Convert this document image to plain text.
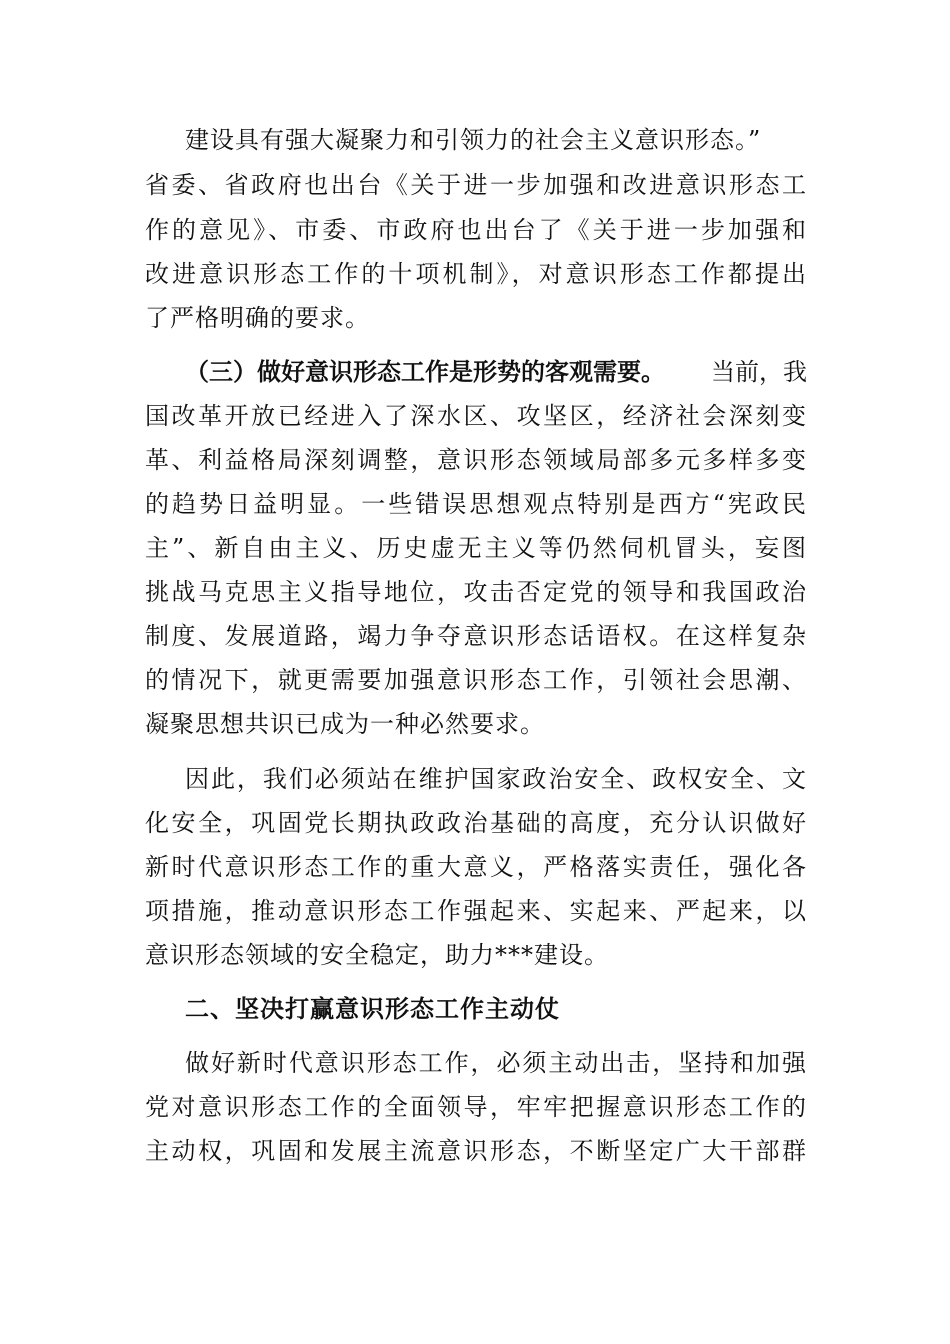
建设具有强大凝聚力和引领力的社会主义意识形态。”
省委、省政府也出台《关于进一步加强和改进意识形态工
作的意见》、市委、市政府也出台了《关于进一步加强和
改进意识形态工作的十项机制》，对意识形态工作都提出
了严格明确的要求。
（三）做好意识形态工作是形势的客观需要。 当前，我
国改革开放已经进入了深水区、攻坚区，经济社会深刻变
革、利益格局深刻调整，意识形态领域局部多元多样多变
的趋势日益明显。一些错误思想观点特别是西方“宪政民
主”、新自由主义、历史虚无主义等仍然伺机冒头，妄图
挑战马克思主义指导地位，攻击否定党的领导和我国政治
制度、发展道路，竭力争夺意识形态话语权。在这样复杂
的情况下，就更需要加强意识形态工作，引领社会思潮、
凝聚思想共识已成为一种必然要求。
因此，我们必须站在维护国家政治安全、政权安全、文
化安全，巩固党长期执政政治基础的高度，充分认识做好
新时代意识形态工作的重大意义，严格落实责任，强化各
项措施，推动意识形态工作强起来、实起来、严起来，以
意识形态领域的安全稳定，助力***建设。
二、坚决打赢意识形态工作主动仗
做好新时代意识形态工作，必须主动出击，坚持和加强
党对意识形态工作的全面领导，牢牢把握意识形态工作的
主动权，巩固和发展主流意识形态，不断坚定广大干部群
